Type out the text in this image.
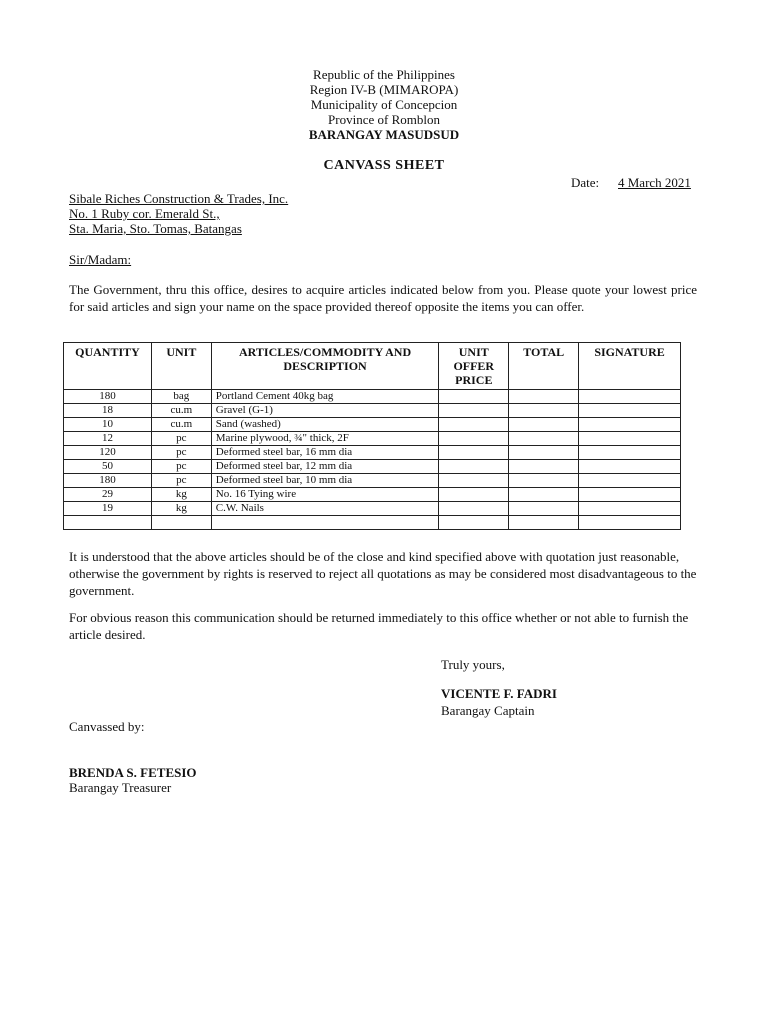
Republic of the Philippines
Region IV-B (MIMAROPA)
Municipality of Concepcion
Province of Romblon
BARANGAY MASUDSUD
CANVASS SHEET
Date: 4 March 2021
Sibale Riches Construction & Trades, Inc.
No. 1 Ruby cor. Emerald St.,
Sta. Maria, Sto. Tomas, Batangas
Sir/Madam:
The Government, thru this office, desires to acquire articles indicated below from you. Please quote your lowest price for said articles and sign your name on the space provided thereof opposite the items you can offer.
QUANTITY	UNIT	ARTICLES/COMMODITY AND DESCRIPTION	UNIT OFFER PRICE	TOTAL	SIGNATURE
180	bag	Portland Cement 40kg bag			
18	cu.m	Gravel (G-1)			
10	cu.m	Sand (washed)			
12	pc	Marine plywood, ¾" thick, 2F			
120	pc	Deformed steel bar, 16 mm dia			
50	pc	Deformed steel bar, 12 mm dia			
180	pc	Deformed steel bar, 10 mm dia			
29	kg	No. 16 Tying wire			
19	kg	C.W. Nails			

It is understood that the above articles should be of the close and kind specified above with quotation just reasonable, otherwise the government by rights is reserved to reject all quotations as may be considered most disadvantageous to the government.
For obvious reason this communication should be returned immediately to this office whether or not able to furnish the article desired.
Truly yours,
VICENTE F. FADRI
Barangay Captain
Canvassed by:
BRENDA S. FETESIO
Barangay Treasurer
